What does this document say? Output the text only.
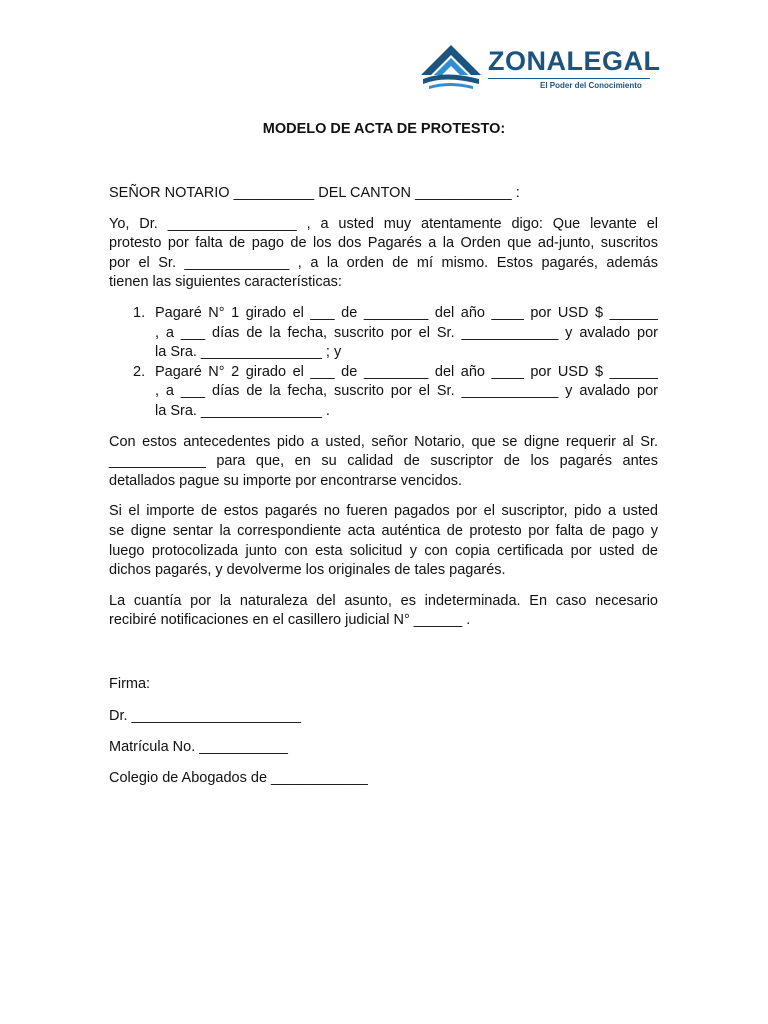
ZONALEGAL
El Poder del Conocimiento
MODELO DE ACTA DE PROTESTO:

SEÑOR NOTARIO __________ DEL CANTON ____________ :

Yo, Dr. ________________ , a usted muy atentamente digo: Que levante el
protesto por falta de pago de los dos Pagarés a la Orden que ad-junto, suscritos
por el Sr. _____________ , a la orden de mí mismo. Estos pagarés, además
tienen las siguientes características:

1. Pagaré N° 1 girado el ___ de ________ del año ____ por USD $ ______
, a ___ días de la fecha, suscrito por el Sr. ____________ y avalado por
la Sra. _______________ ; y
2. Pagaré N° 2 girado el ___ de ________ del año ____ por USD $ ______
, a ___ días de la fecha, suscrito por el Sr. ____________ y avalado por
la Sra. _______________ .

Con estos antecedentes pido a usted, señor Notario, que se digne requerir al Sr.
____________ para que, en su calidad de suscriptor de los pagarés antes
detallados pague su importe por encontrarse vencidos.

Si el importe de estos pagarés no fueren pagados por el suscriptor, pido a usted
se digne sentar la correspondiente acta auténtica de protesto por falta de pago y
luego protocolizada junto con esta solicitud y con copia certificada por usted de
dichos pagarés, y devolverme los originales de tales pagarés.

La cuantía por la naturaleza del asunto, es indeterminada. En caso necesario
recibiré notificaciones en el casillero judicial N° ______ .

Firma:
Dr. _____________________
Matrícula No. ___________
Colegio de Abogados de ____________
